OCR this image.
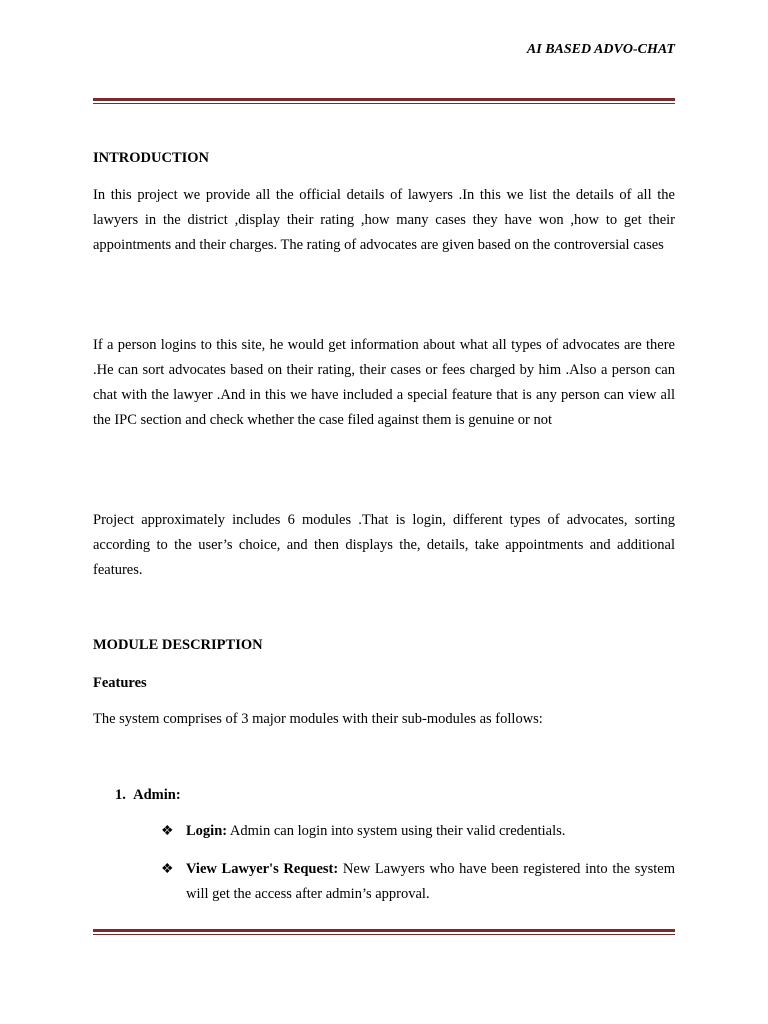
AI BASED ADVO-CHAT
INTRODUCTION

In this project we provide all the official details of lawyers .In this we list the details of all the lawyers in the district ,display their rating ,how many cases they have won ,how to get their appointments and their charges. The rating of advocates are given based on the controversial cases

If a person logins to this site, he would get information about what all types of advocates are there .He can sort advocates based on their rating, their cases or fees charged by him .Also a person can chat with the lawyer .And in this we have included a special feature that is any person can view all the IPC section and check whether the case filed against them is genuine or not

Project approximately includes 6 modules .That is login, different types of advocates, sorting according to the user’s choice, and then displays the, details, take appointments and additional features.

MODULE DESCRIPTION
Features

The system comprises of 3 major modules with their sub-modules as follows:

1. Admin:
❖ Login: Admin can login into system using their valid credentials.
❖ View Lawyer's Request: New Lawyers who have been registered into the system will get the access after admin’s approval.
